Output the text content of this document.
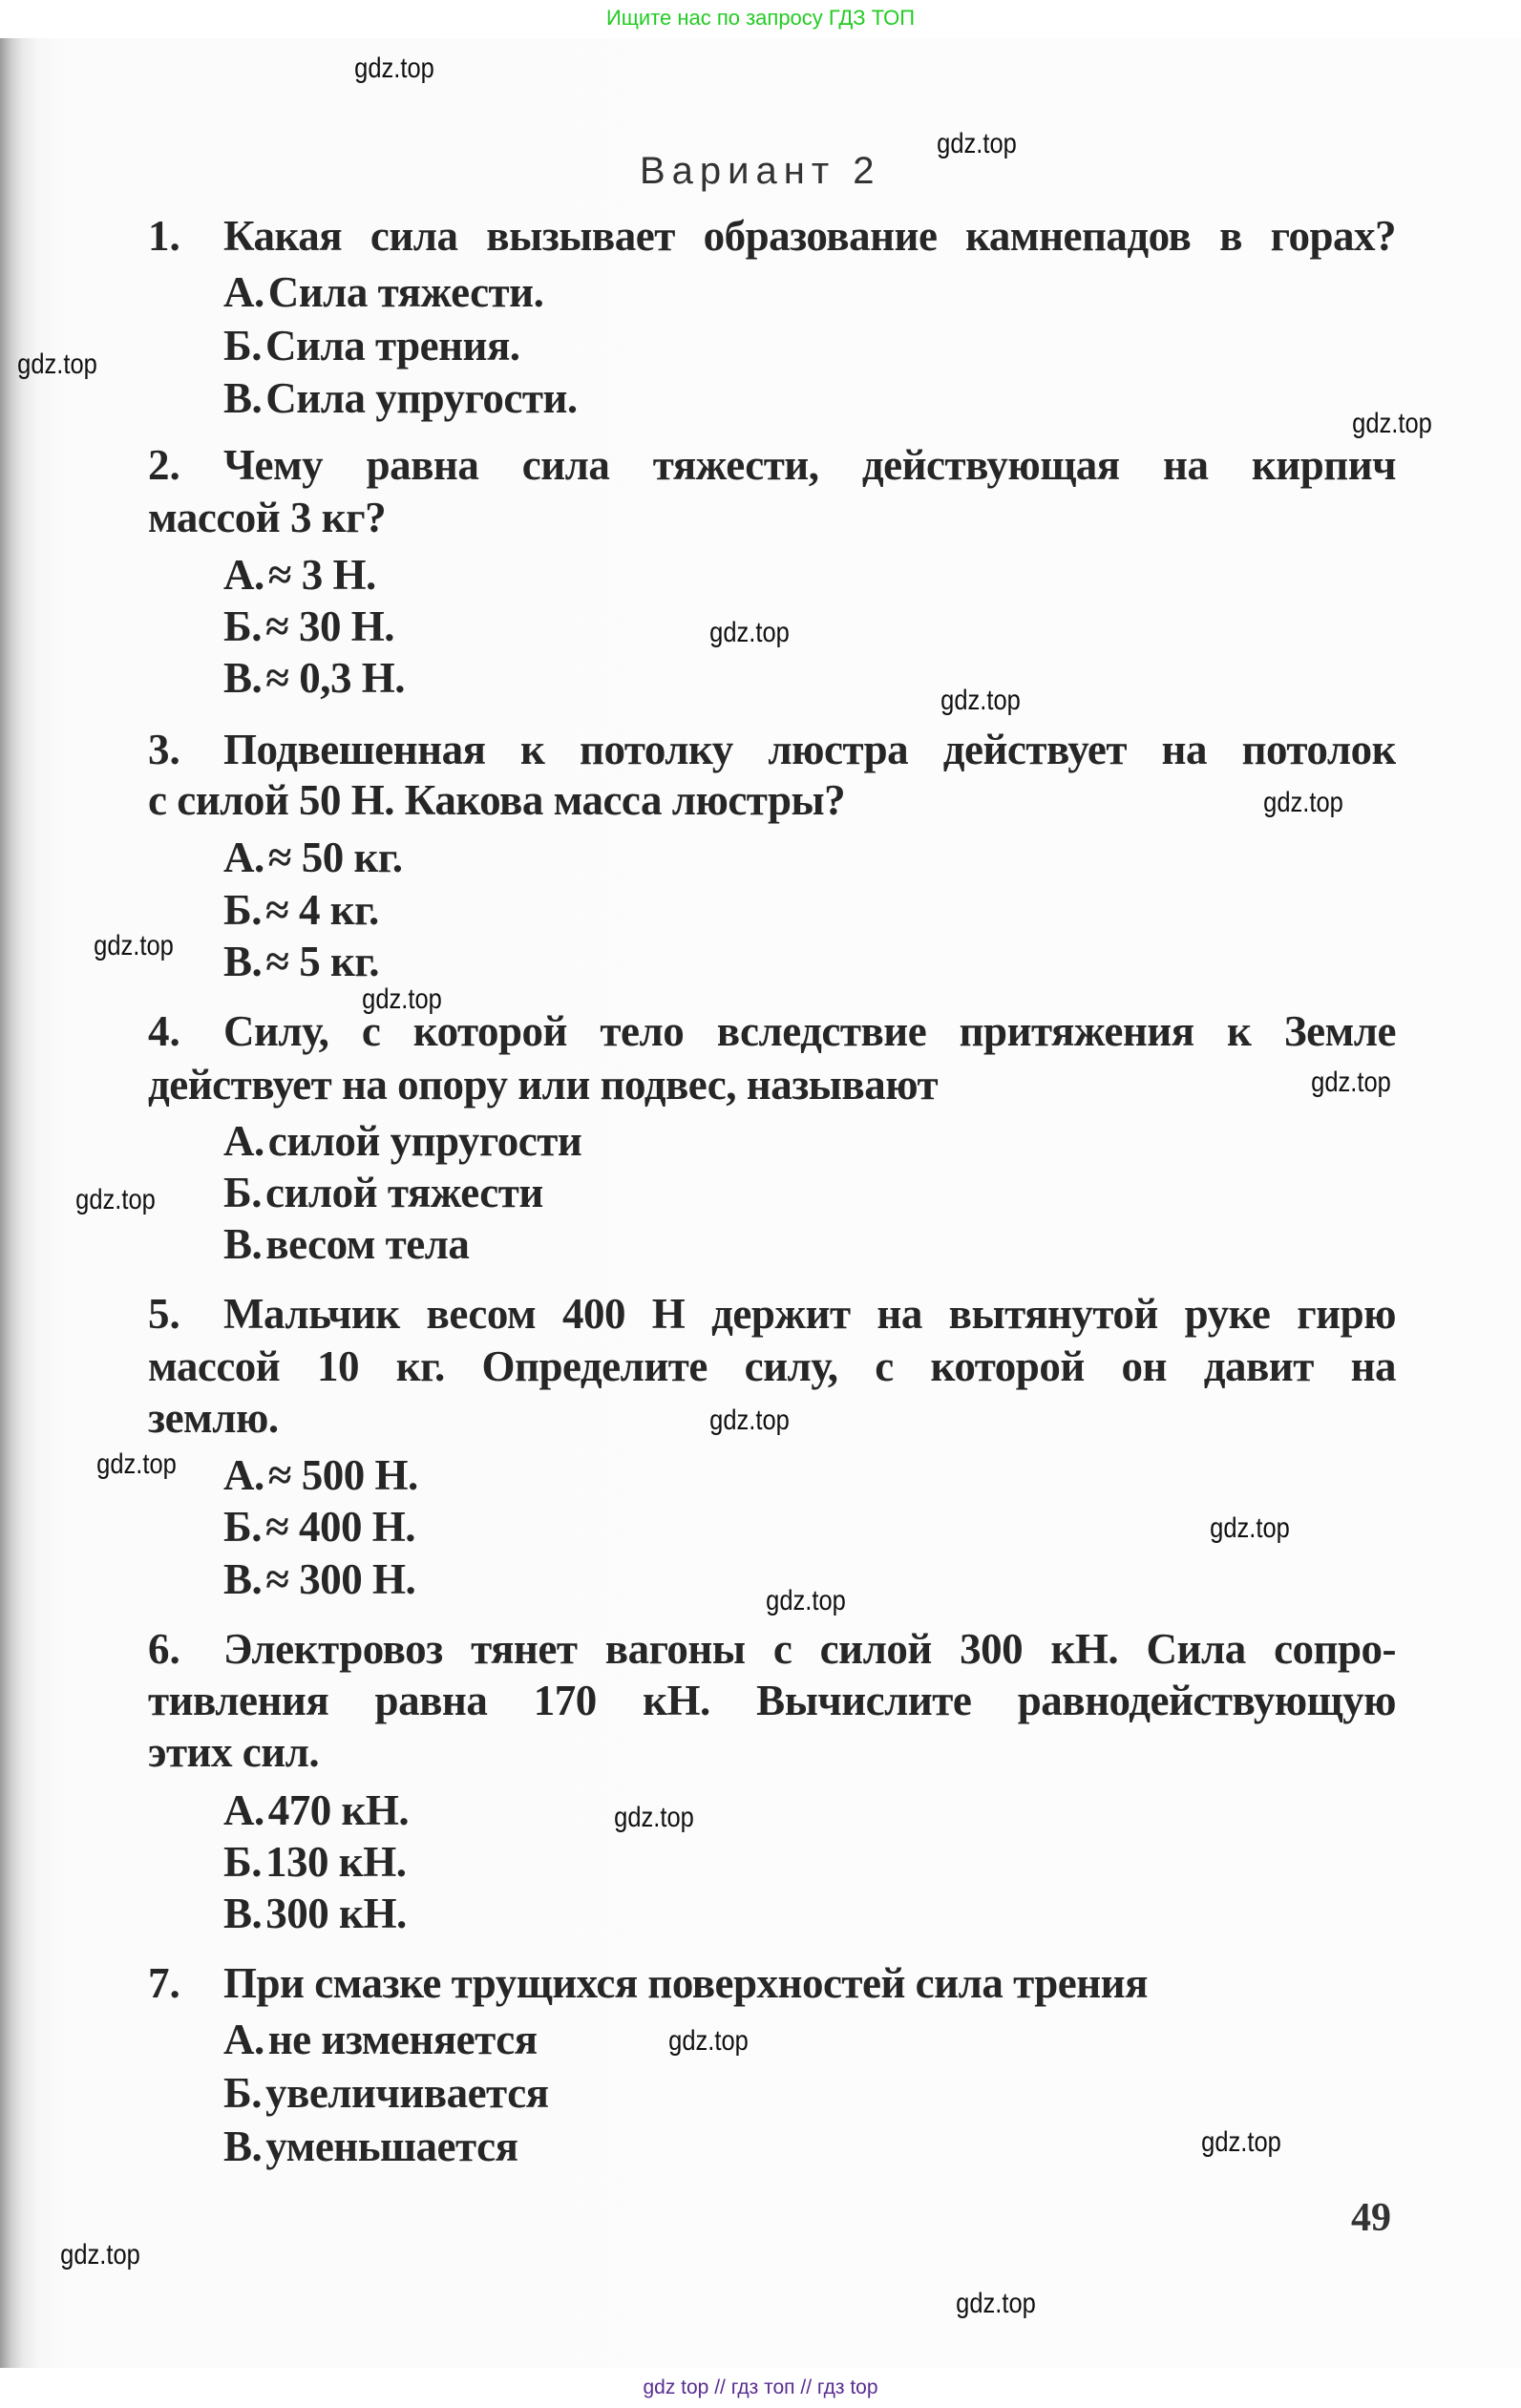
Ищите нас по запросу ГДЗ ТОП
Вариант 2
1. Какая сила вызывает образование камнепадов в горах?
А.Сила тяжести.
Б.Сила трения.
В.Сила упругости.
2. Чему равна сила тяжести, действующая на кирпич
массой 3 кг?
А.≈ 3 Н.
Б.≈ 30 Н.
В.≈ 0,3 Н.
3. Подвешенная к потолку люстра действует на потолок
с силой 50 Н. Какова масса люстры?
А.≈ 50 кг.
Б.≈ 4 кг.
В.≈ 5 кг.
4. Силу, с которой тело вследствие притяжения к Земле
действует на опору или подвес, называют
А.силой упругости
Б.силой тяжести
В.весом тела
5. Мальчик весом 400 Н держит на вытянутой руке гирю
массой 10 кг. Определите силу, с которой он давит на
землю.
А.≈ 500 Н.
Б.≈ 400 Н.
В.≈ 300 Н.
6. Электровоз тянет вагоны с силой 300 кН. Сила сопро-
тивления равна 170 кН. Вычислите равнодействующую
этих сил.
А.470 кН.
Б.130 кН.
В.300 кН.
7. При смазке трущихся поверхностей сила трения
А.не изменяется
Б.увеличивается
В.уменьшается
49
gdz.top
gdz.top
gdz.top
gdz.top
gdz.top
gdz.top
gdz.top
gdz.top
gdz.top
gdz.top
gdz.top
gdz.top
gdz.top
gdz.top
gdz.top
gdz.top
gdz.top
gdz.top
gdz.top
gdz.top
gdz top // гдз топ // гдз top
